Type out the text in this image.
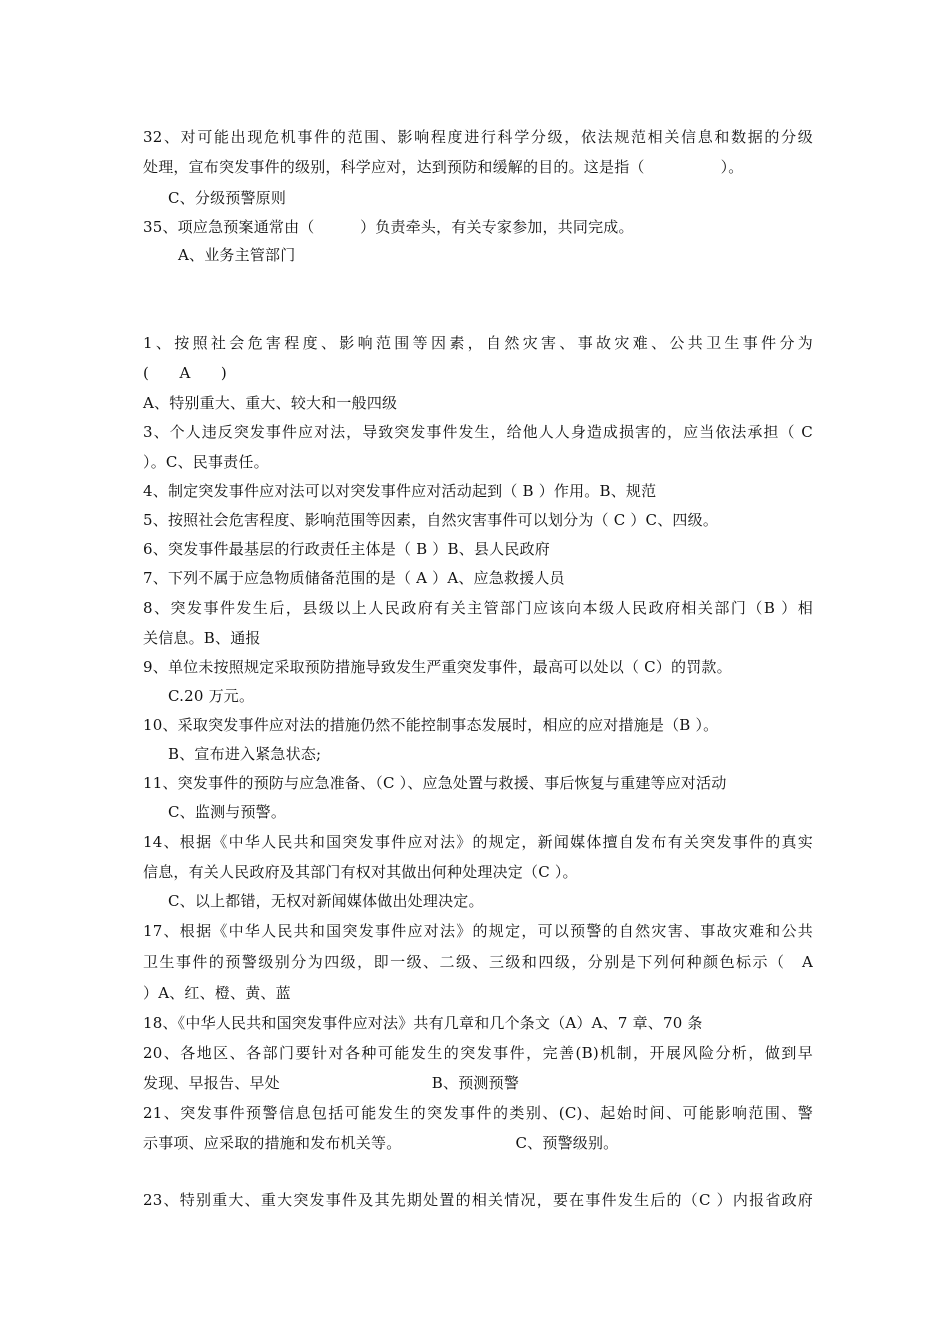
32、对可能出现危机事件的范围、影响程度进行科学分级，依法规范相关信息和数据的分级
处理，宣布突发事件的级别，科学应对，达到预防和缓解的目的。这是指（　　　　　）。
C、分级预警原则
35、项应急预案通常由（　　　）负责牵头，有关专家参加，共同完成。
A、业务主管部门
1、按照社会危害程度、影响范围等因素，自然灾害、事故灾难、公共卫生事件分为
(　　A　　)
A、特别重大、重大、较大和一般四级
3、个人违反突发事件应对法，导致突发事件发生，给他人人身造成损害的，应当依法承担（ C
）。C、民事责任。
4、制定突发事件应对法可以对突发事件应对活动起到（ B ）作用。B、规范
5、按照社会危害程度、影响范围等因素，自然灾害事件可以划分为（ C ）C、四级。
6、突发事件最基层的行政责任主体是（ B ）B、县人民政府
7、下列不属于应急物质储备范围的是（ A ）A、应急救援人员
8、突发事件发生后，县级以上人民政府有关主管部门应该向本级人民政府相关部门（B ）相
关信息。B、通报
9、单位未按照规定采取预防措施导致发生严重突发事件，最高可以处以（ C）的罚款。
C.20 万元。
10、采取突发事件应对法的措施仍然不能控制事态发展时，相应的应对措施是（B ）。
B、宣布进入紧急状态;
11、突发事件的预防与应急准备、（C ）、应急处置与救援、事后恢复与重建等应对活动
C、监测与预警。
14、根据《中华人民共和国突发事件应对法》的规定，新闻媒体擅自发布有关突发事件的真实
信息，有关人民政府及其部门有权对其做出何种处理决定（C ）。
C、以上都错，无权对新闻媒体做出处理决定。
17、根据《中华人民共和国突发事件应对法》的规定，可以预警的自然灾害、事故灾难和公共
卫生事件的预警级别分为四级，即一级、二级、三级和四级，分别是下列何种颜色标示（　A
）A、红、橙、黄、蓝
18、《中华人民共和国突发事件应对法》共有几章和几个条文（A）A、7 章、70 条
20、各地区、各部门要针对各种可能发生的突发事件，完善(B)机制，开展风险分析，做到早
发现、早报告、早处　　　　　　　　　　B、预测预警
21、突发事件预警信息包括可能发生的突发事件的类别、(C)、起始时间、可能影响范围、警
示事项、应采取的措施和发布机关等。　　　　　　　　C、预警级别。
23、特别重大、重大突发事件及其先期处置的相关情况，要在事件发生后的（C ）内报省政府
